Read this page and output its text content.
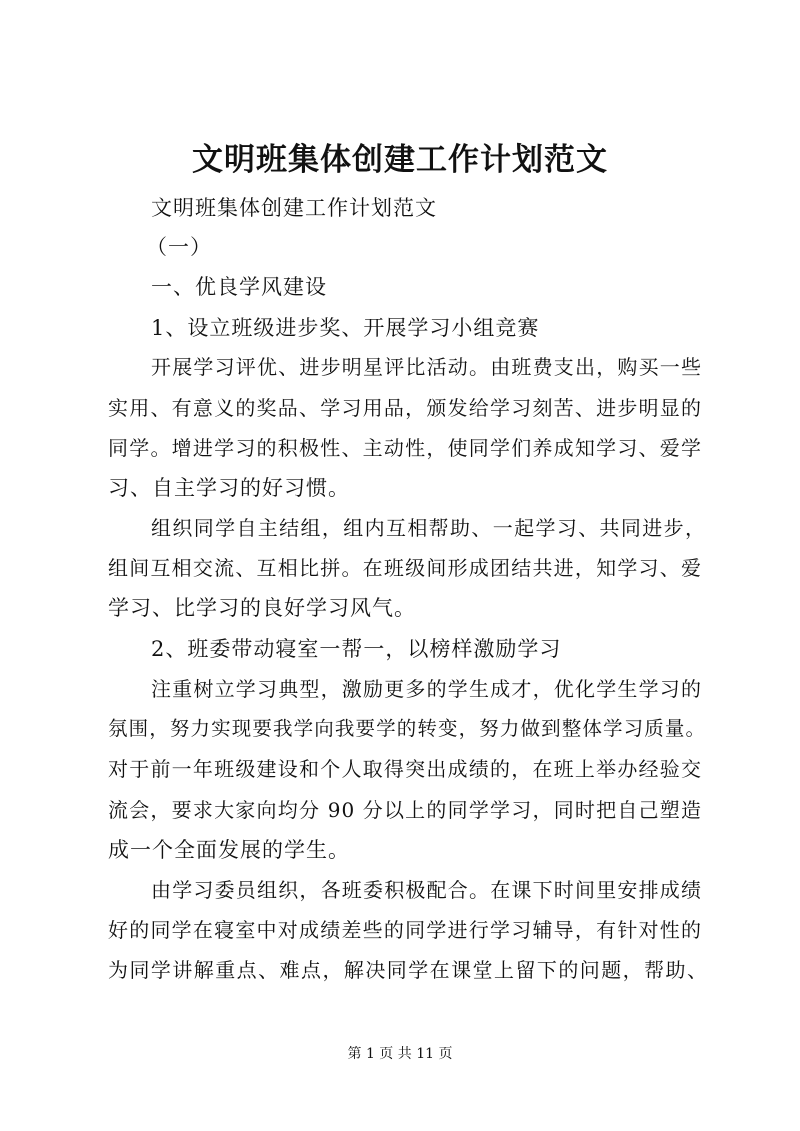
文明班集体创建工作计划范文
文明班集体创建工作计划范文
（一）
一、优良学风建设
1、设立班级进步奖、开展学习小组竞赛
开展学习评优、进步明星评比活动。由班费支出，购买一些
实用、有意义的奖品、学习用品，颁发给学习刻苦、进步明显的
同学。增进学习的积极性、主动性，使同学们养成知学习、爱学
习、自主学习的好习惯。
组织同学自主结组，组内互相帮助、一起学习、共同进步，
组间互相交流、互相比拼。在班级间形成团结共进，知学习、爱
学习、比学习的良好学习风气。
2、班委带动寝室一帮一，以榜样激励学习
注重树立学习典型，激励更多的学生成才，优化学生学习的
氛围，努力实现要我学向我要学的转变，努力做到整体学习质量。
对于前一年班级建设和个人取得突出成绩的，在班上举办经验交
流会，要求大家向均分 90 分以上的同学学习，同时把自己塑造
成一个全面发展的学生。
由学习委员组织，各班委积极配合。在课下时间里安排成绩
好的同学在寝室中对成绩差些的同学进行学习辅导，有针对性的
为同学讲解重点、难点，解决同学在课堂上留下的问题，帮助、
第 1 页 共 11 页
